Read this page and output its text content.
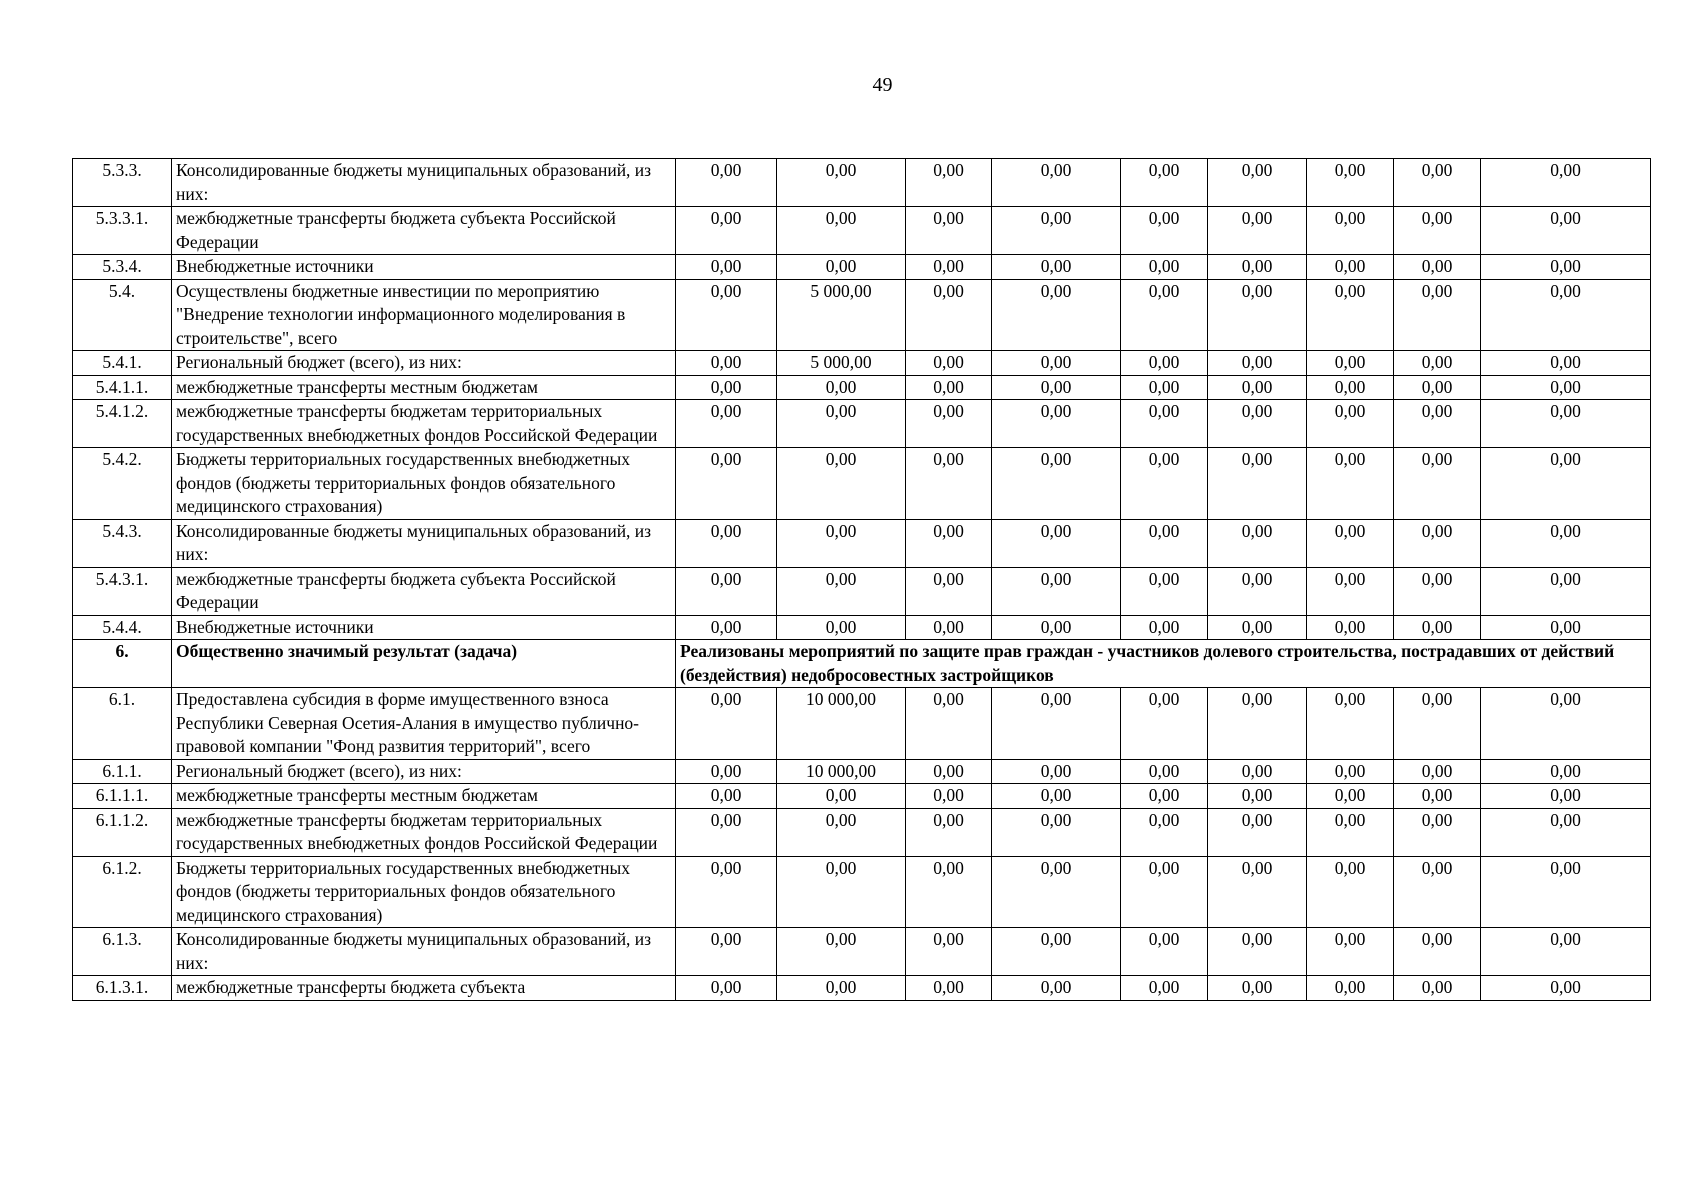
49
5.3.3.	Консолидированные бюджеты муниципальных образований, из них:	0,00	0,00	0,00	0,00	0,00	0,00	0,00	0,00	0,00
5.3.3.1.	межбюджетные трансферты бюджета субъекта Российской Федерации	0,00	0,00	0,00	0,00	0,00	0,00	0,00	0,00	0,00
5.3.4.	Внебюджетные источники	0,00	0,00	0,00	0,00	0,00	0,00	0,00	0,00	0,00
5.4.	Осуществлены бюджетные инвестиции по мероприятию "Внедрение технологии информационного моделирования в строительстве", всего	0,00	5 000,00	0,00	0,00	0,00	0,00	0,00	0,00	0,00
5.4.1.	Региональный бюджет (всего), из них:	0,00	5 000,00	0,00	0,00	0,00	0,00	0,00	0,00	0,00
5.4.1.1.	межбюджетные трансферты местным бюджетам	0,00	0,00	0,00	0,00	0,00	0,00	0,00	0,00	0,00
5.4.1.2.	межбюджетные трансферты бюджетам территориальных государственных внебюджетных фондов Российской Федерации	0,00	0,00	0,00	0,00	0,00	0,00	0,00	0,00	0,00
5.4.2.	Бюджеты территориальных государственных внебюджетных фондов (бюджеты территориальных фондов обязательного медицинского страхования)	0,00	0,00	0,00	0,00	0,00	0,00	0,00	0,00	0,00
5.4.3.	Консолидированные бюджеты муниципальных образований, из них:	0,00	0,00	0,00	0,00	0,00	0,00	0,00	0,00	0,00
5.4.3.1.	межбюджетные трансферты бюджета субъекта Российской Федерации	0,00	0,00	0,00	0,00	0,00	0,00	0,00	0,00	0,00
5.4.4.	Внебюджетные источники	0,00	0,00	0,00	0,00	0,00	0,00	0,00	0,00	0,00
6.	Общественно значимый результат (задача)	Реализованы мероприятий по защите прав граждан - участников долевого строительства, пострадавших от действий (бездействия) недобросовестных застройщиков								
6.1.	Предоставлена субсидия в форме имущественного взноса Республики Северная Осетия-Алания в имущество публично-правовой компании "Фонд развития территорий", всего	0,00	10 000,00	0,00	0,00	0,00	0,00	0,00	0,00	0,00
6.1.1.	Региональный бюджет (всего), из них:	0,00	10 000,00	0,00	0,00	0,00	0,00	0,00	0,00	0,00
6.1.1.1.	межбюджетные трансферты местным бюджетам	0,00	0,00	0,00	0,00	0,00	0,00	0,00	0,00	0,00
6.1.1.2.	межбюджетные трансферты бюджетам территориальных государственных внебюджетных фондов Российской Федерации	0,00	0,00	0,00	0,00	0,00	0,00	0,00	0,00	0,00
6.1.2.	Бюджеты территориальных государственных внебюджетных фондов (бюджеты территориальных фондов обязательного медицинского страхования)	0,00	0,00	0,00	0,00	0,00	0,00	0,00	0,00	0,00
6.1.3.	Консолидированные бюджеты муниципальных образований, из них:	0,00	0,00	0,00	0,00	0,00	0,00	0,00	0,00	0,00
6.1.3.1.	межбюджетные трансферты бюджета субъекта	0,00	0,00	0,00	0,00	0,00	0,00	0,00	0,00	0,00
